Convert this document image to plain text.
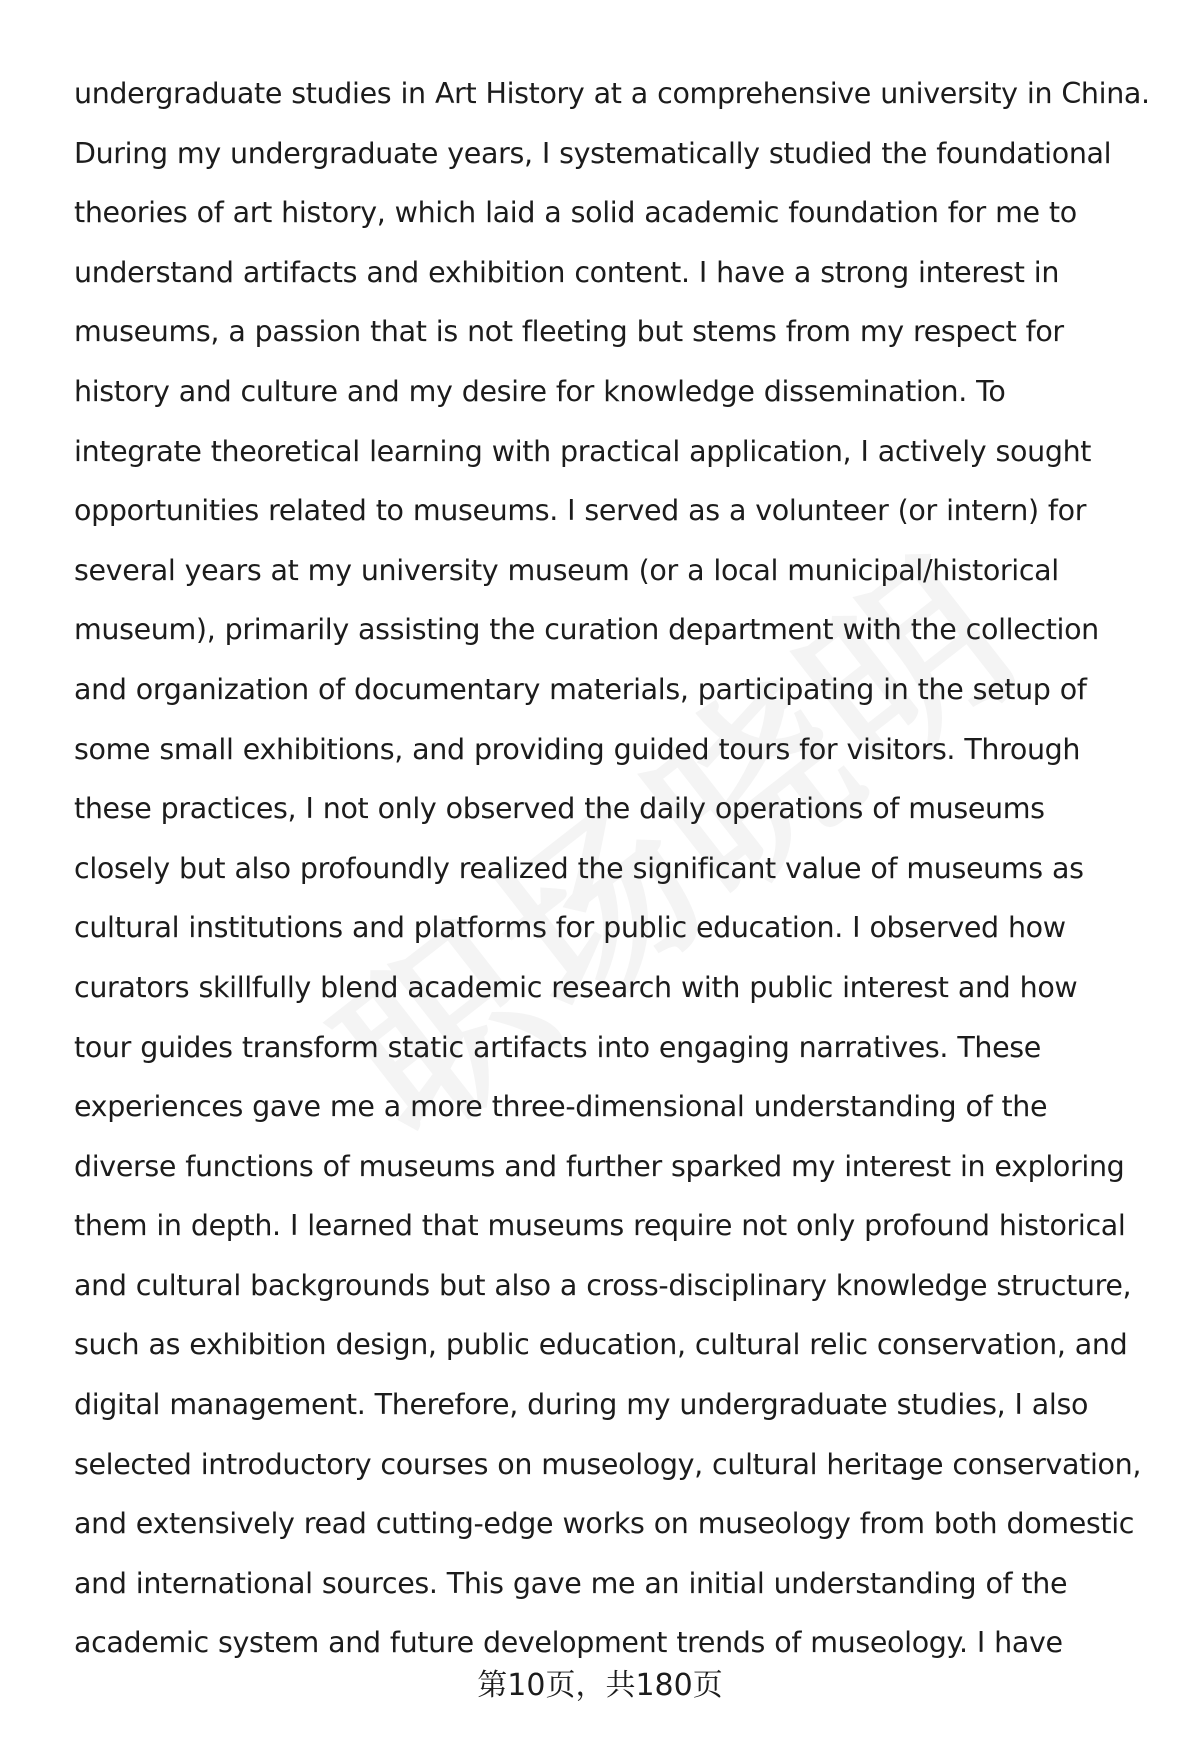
undergraduate studies in Art History at a comprehensive university in China.
During my undergraduate years, I systematically studied the foundational
theories of art history, which laid a solid academic foundation for me to
understand artifacts and exhibition content. I have a strong interest in
museums, a passion that is not fleeting but stems from my respect for
history and culture and my desire for knowledge dissemination. To
integrate theoretical learning with practical application, I actively sought
opportunities related to museums. I served as a volunteer (or intern) for
several years at my university museum (or a local municipal/historical
museum), primarily assisting the curation department with the collection
and organization of documentary materials, participating in the setup of
some small exhibitions, and providing guided tours for visitors. Through
these practices, I not only observed the daily operations of museums
closely but also profoundly realized the significant value of museums as
cultural institutions and platforms for public education. I observed how
curators skillfully blend academic research with public interest and how
tour guides transform static artifacts into engaging narratives. These
experiences gave me a more three-dimensional understanding of the
diverse functions of museums and further sparked my interest in exploring
them in depth. I learned that museums require not only profound historical
and cultural backgrounds but also a cross-disciplinary knowledge structure,
such as exhibition design, public education, cultural relic conservation, and
digital management. Therefore, during my undergraduate studies, I also
selected introductory courses on museology, cultural heritage conservation,
and extensively read cutting-edge works on museology from both domestic
and international sources. This gave me an initial understanding of the
academic system and future development trends of museology. I have
第10页，共180页
